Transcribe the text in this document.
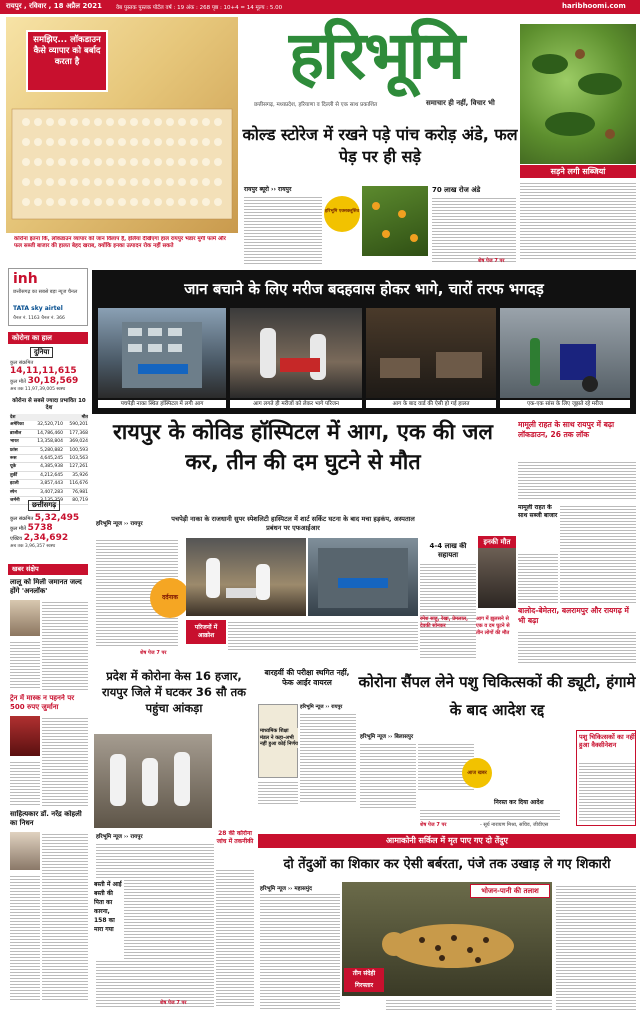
रायपुर , रविवार , 18 अप्रैल 2021	वेब पुस्तक पुस्तक पोर्टल वर्ष : 19 अंक : 268 पृष्ठ : 10+4 = 14 मूल्य : 5.00	haribhoomi.com
समझिए... लॉकडाउन कैसे व्यापार को बर्बाद करता है
कोरोना इतना कि, लॉकडाउन व्यापार को जान विलाप हैं, इलिया देखिएगा हाल रायपुर भंडार मुर्गी फार्म और फल सब्जी बाजार की हालत बेहद खराब, क्योंकि इनका उत्पादन रोक नहीं सकते
हरिभूमि
छत्तीसगढ़, मध्यप्रदेश, हरियाणा व दिल्ली से एक साथ प्रकाशित	समाचार ही नहीं, विचार भी
सड़ने लगी सब्जियां
कोल्ड स्टोरेज में रखने पड़े पांच करोड़ अंडे, फल पेड़ पर ही सड़े
रायपुर ब्यूरो ›› रायपुर
हरिभूमि एक्सक्लूसिव
70 लाख रोज अंडे
शेष पेज 7 पर
inh
छत्तीसगढ़ का सबसे बड़ा न्यूज चैनल
TATA sky airtel
चैनल नं. 1163 चैनल नं. 366
कोरोना का हाल
दुनिया
कुल संक्रमित 14,11,11,615
कुल मौतें 30,18,569
अब तक 11,97,39,005 स्वस्थ
कोरोना से सबसे ज्यादा प्रभावित 10 देश
देश		मौत
अमेरिका	32,520,710	590,201
ब्राजील	14,786,460	177,368
भारत	13,358,804	369,024
फ्रांस	5,280,882	100,593
रूस	4,645,245	103,563
यूके	4,385,938	127,261
तुर्की	4,212,645	35,926
इटली	3,857,443	116,676
स्पेन	3,407,283	76,981
जर्मनी	3,135,359	80,719
छत्तीसगढ़
कुल संक्रमित 5,32,495
कुल मौतें 5738
एक्टिव 2,34,692
अब तक 3,96,357 स्वस्थ
खबर संक्षेप
लालू को मिली जमानत जल्द होंगे 'अनलॉक'
ट्रेन में मास्क न पहनने पर 500 रुपए जुर्माना
साहित्यकार डॉ. नरेंद्र कोहली का निधन
जान बचाने के लिए मरीज बदहवास होकर भागे, चारों तरफ भगदड़
पचपेड़ी नाका स्थित हॉस्पिटल में लगी आग	आग लगते ही मरीजों को लेकर भागे परिजन	आग के बाद वार्ड की ऐसी हो गई हालत	एक-एक सांस के लिए जूझते रहे मरीज
रायपुर के कोविड हॉस्पिटल में आग, एक की जल कर, तीन की दम घुटने से मौत
हरिभूमि न्यूज ›› रायपुर
पचपेड़ी नाका के राजधानी सुपर स्पेशलिटी हास्पिटल में शार्ट सर्किट घटना के बाद मचा हड़कंप, अस्पताल प्रबंधन पर एफआईआर
दर्दनाक
परिजनों में आक्रोश
शेष पेज 7 पर
4-4 लाख की सहायता
इनकी मौत
रमेश साहू, रेखा, प्रेमलाल, देवकी सोनकर
आग में झुलसने से एक व दम घुटने से तीन लोगों की मौत
मामूली राहत के साथ रायपुर में बढ़ा लॉकडाउन, 26 तक लॉक
मामूली राहत के साथ सब्जी बाजार
बालोद-बेमेतरा, बलरामपुर और रायगढ़ में भी बढ़ा
प्रदेश में कोरोना केस 16 हजार, रायपुर जिले में घटकर 36 सौ तक पहुंचा आंकड़ा
हरिभूमि न्यूज ›› रायपुर	28 की कोरोना जांच में तकनीकी
बस्ती में आईं बस्ती की पिता का कारना, 158 का मारा गया
शेष पेज 7 पर
बारहवीं की परीक्षा स्थगित नहीं, फेक आईर वायरल
माध्यमिक शिक्षा मंडल ने कहा-अभी नहीं हुआ कोई निर्णय
हरिभूमि न्यूज ›› रायपुर
कोरोना सैंपल लेने पशु चिकित्सकों की ड्यूटी, हंगामे के बाद आदेश रद्द
हरिभूमि न्यूज ›› बिलासपुर
आज खबर
निरस्त कर दिया आदेश
- सूर्य नारायण मिश्रा, सचिव, जीवीएस
शेष पेज 7 पर
पशु चिकित्सकों का नहीं हुआ वैक्सीनेशन
आमाकोनी सर्किल में मृत पाए गए दो तेंदुए
दो तेंदुओं का शिकार कर ऐसी बर्बरता, पंजे तक उखाड़ ले गए शिकारी
हरिभूमि न्यूज ›› महासमुंद	भोजन-पानी की तलाश
तीन संदेही गिरफ्तार
